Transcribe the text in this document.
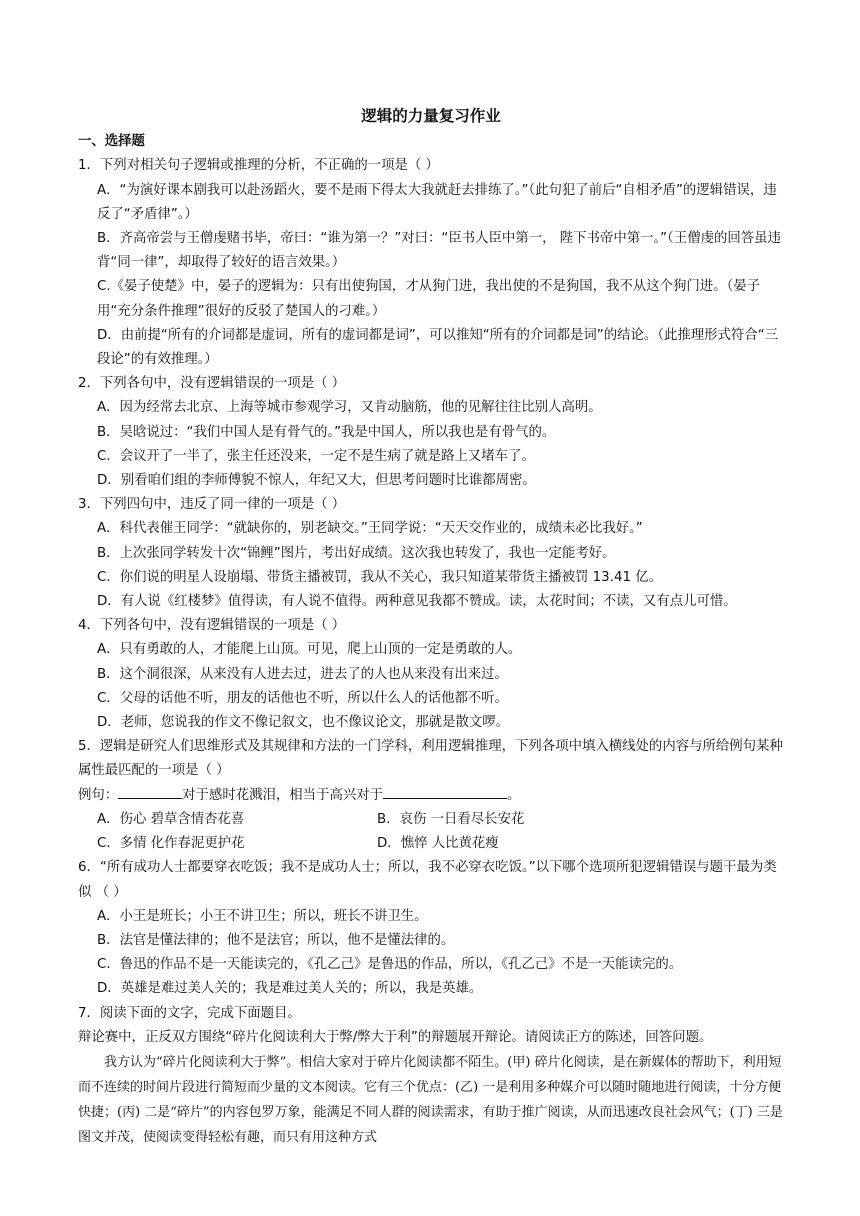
逻辑的力量复习作业

一、选择题

1．下列对相关句子逻辑或推理的分析，不正确的一项是（ ）

A．“为演好课本剧我可以赴汤蹈火，要不是雨下得太大我就赶去排练了。”（此句犯了前后“自相矛盾”的逻辑错误，违反了“矛盾律”。）

B．齐高帝尝与王僧虔赌书毕，帝曰：“谁为第一？”对曰：“臣书人臣中第一， 陛下书帝中第一。”（王僧虔的回答虽违背“同一律”，却取得了较好的语言效果。）

C.《晏子使楚》中，晏子的逻辑为：只有出使狗国，才从狗门进，我出使的不是狗国，我不从这个狗门进。（晏子用“充分条件推理”很好的反驳了楚国人的刁难。）

D．由前提“所有的介词都是虚词，所有的虚词都是词”，可以推知“所有的介词都是词”的结论。（此推理形式符合“三段论”的有效推理。）

2．下列各句中，没有逻辑错误的一项是（ ）

A．因为经常去北京、上海等城市参观学习，又肯动脑筋，他的见解往往比别人高明。

B．吴晗说过：“我们中国人是有骨气的。”我是中国人，所以我也是有骨气的。

C．会议开了一半了，张主任还没来，一定不是生病了就是路上又堵车了。

D．别看咱们组的李师傅貌不惊人，年纪又大，但思考问题时比谁都周密。

3．下列四句中，违反了同一律的一项是（ ）

A．科代表催王同学：“就缺你的，别老缺交。”王同学说：“天天交作业的，成绩未必比我好。”

B．上次张同学转发十次“锦鲤”图片，考出好成绩。这次我也转发了，我也一定能考好。

C．你们说的明星人设崩塌、带货主播被罚，我从不关心，我只知道某带货主播被罚 13.41 亿。

D．有人说《红楼梦》值得读，有人说不值得。两种意见我都不赞成。读，太花时间；不读，又有点儿可惜。

4．下列各句中，没有逻辑错误的一项是（ ）

A．只有勇敢的人，才能爬上山顶。可见，爬上山顶的一定是勇敢的人。

B．这个洞很深，从来没有人进去过，进去了的人也从来没有出来过。

C．父母的话他不听，朋友的话他也不听，所以什么人的话他都不听。

D．老师，您说我的作文不像记叙文，也不像议论文，那就是散文啰。

5．逻辑是研究人们思维形式及其规律和方法的一门学科，利用逻辑推理，下列各项中填入横线处的内容与所给例句某种属性最匹配的一项是（ ）

例句：	对于感时花溅泪，相当于高兴对于	。

A．伤心 碧草含情杏花喜	B．哀伤 一日看尽长安花
C．多情 化作春泥更护花	D．憔悴 人比黄花瘦

6．“所有成功人士都要穿衣吃饭；我不是成功人士；所以，我不必穿衣吃饭。”以下哪个选项所犯逻辑错误与题干最为类似 （ ）

A．小王是班长；小王不讲卫生；所以，班长不讲卫生。

B．法官是懂法律的；他不是法官；所以，他不是懂法律的。

C．鲁迅的作品不是一天能读完的，《孔乙己》是鲁迅的作品，所以，《孔乙己》不是一天能读完的。

D．英雄是难过美人关的；我是难过美人关的；所以，我是英雄。

7．阅读下面的文字，完成下面题目。

辩论赛中，正反双方围绕“碎片化阅读利大于弊/弊大于利”的辩题展开辩论。请阅读正方的陈述，回答问题。

我方认为“碎片化阅读利大于弊”。相信大家对于碎片化阅读都不陌生。(甲) 碎片化阅读，是在新媒体的帮助下，利用短而不连续的时间片段进行简短而少量的文本阅读。它有三个优点：(乙) 一是利用多种媒介可以随时随地进行阅读，十分方便快捷；(丙) 二是“碎片”的内容包罗万象，能满足不同人群的阅读需求，有助于推广阅读，从而迅速改良社会风气；(丁) 三是图文并茂，使阅读变得轻松有趣，而只有用这种方式
